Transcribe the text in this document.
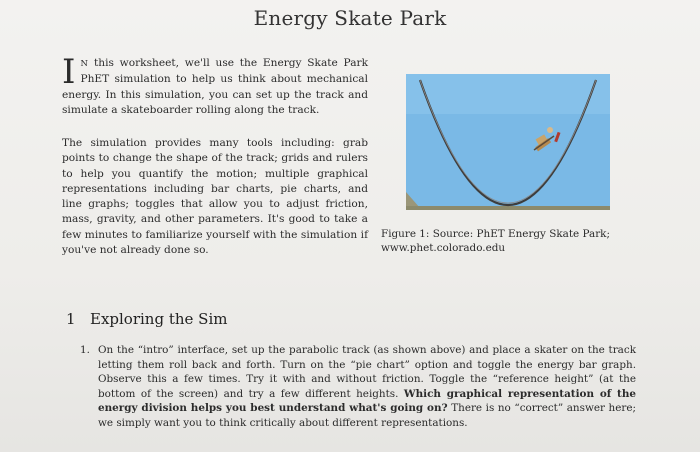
Energy Skate Park
I N this worksheet, we'll use the Energy Skate Park PhET simulation to help us think about mechanical energy. In this simulation, you can set up the track and simulate a skateboarder rolling along the track.
The simulation provides many tools including: grab points to change the shape of the track; grids and rulers to help you quantify the motion; multiple graphical representations including bar charts, pie charts, and line graphs; toggles that allow you to adjust friction, mass, gravity, and other parameters. It's good to take a few minutes to familiarize yourself with the simulation if you've not already done so.
Figure 1: Source: PhET Energy Skate Park; www.phet.colorado.edu
1 Exploring the Sim
1. On the “intro” interface, set up the parabolic track (as shown above) and place a skater on the track letting them roll back and forth. Turn on the “pie chart” option and toggle the energy bar graph. Observe this a few times. Try it with and without friction. Toggle the “reference height” (at the bottom of the screen) and try a few different heights. Which graphical representation of the energy division helps you best understand what's going on? There is no “correct” answer here; we simply want you to think critically about different representations.
